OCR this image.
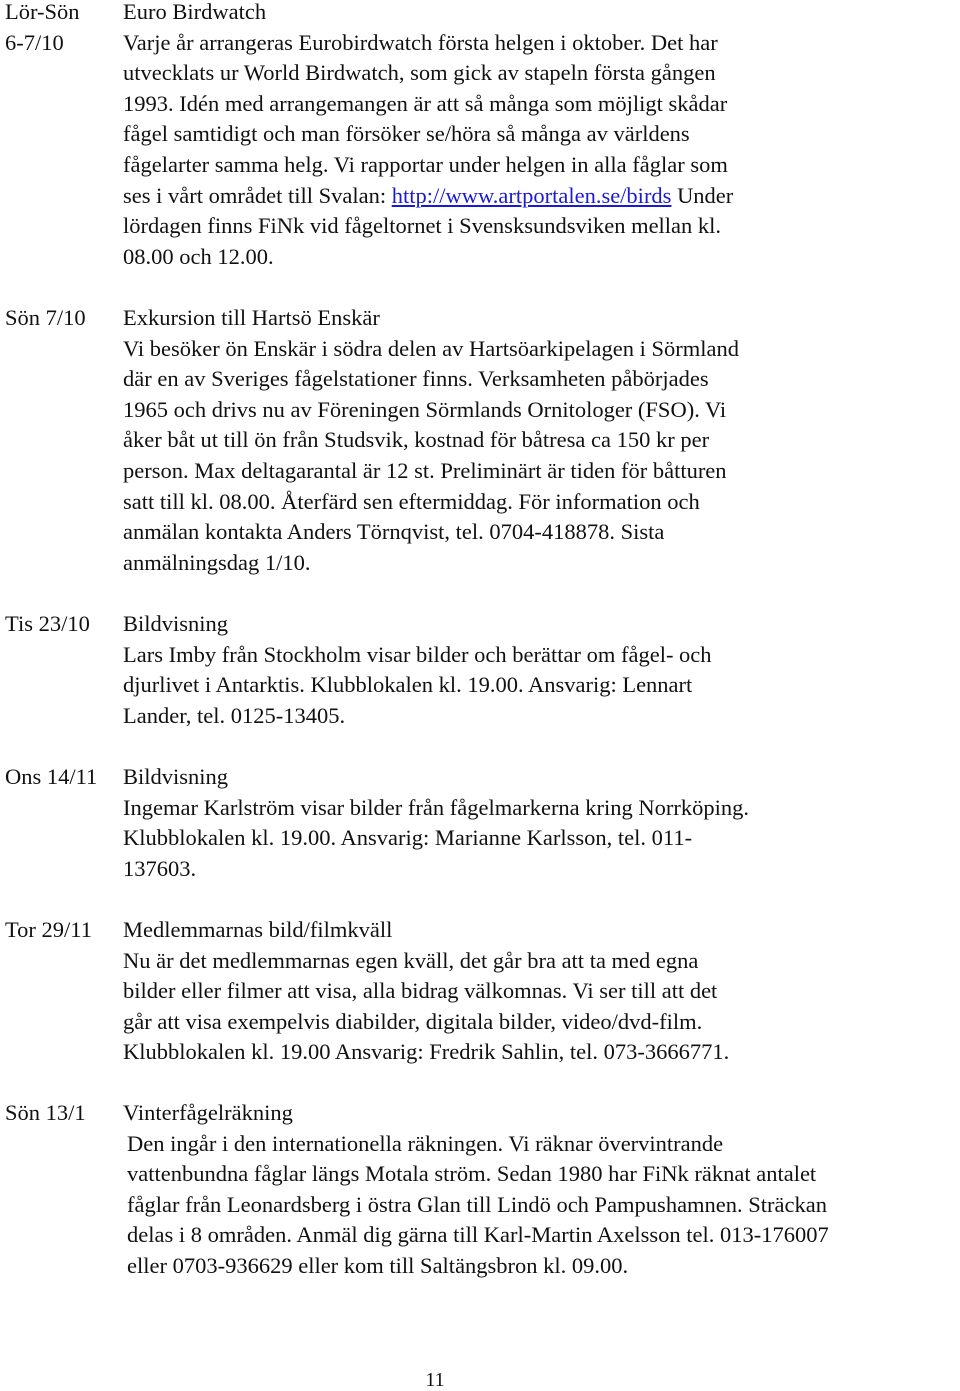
Lör-Sön
6-7/10
Euro Birdwatch
Varje år arrangeras Eurobirdwatch första helgen i oktober. Det har
utvecklats ur World Birdwatch, som gick av stapeln första gången
1993. Idén med arrangemangen är att så många som möjligt skådar
fågel samtidigt och man försöker se/höra så många av världens
fågelarter samma helg. Vi rapportar under helgen in alla fåglar som
ses i vårt området till Svalan: http://www.artportalen.se/birds Under
lördagen finns FiNk vid fågeltornet i Svensksundsviken mellan kl.
08.00 och 12.00.
Sön 7/10 Exkursion till Hartsö Enskär
Vi besöker ön Enskär i södra delen av Hartsöarkipelagen i Sörmland
där en av Sveriges fågelstationer finns. Verksamheten påbörjades
1965 och drivs nu av Föreningen Sörmlands Ornitologer (FSO). Vi
åker båt ut till ön från Studsvik, kostnad för båtresa ca 150 kr per
person. Max deltagarantal är 12 st. Preliminärt är tiden för båtturen
satt till kl. 08.00. Återfärd sen eftermiddag. För information och
anmälan kontakta Anders Törnqvist, tel. 0704-418878. Sista
anmälningsdag 1/10.
Tis 23/10 Bildvisning
Lars Imby från Stockholm visar bilder och berättar om fågel- och
djurlivet i Antarktis. Klubblokalen kl. 19.00. Ansvarig: Lennart
Lander, tel. 0125-13405.
Ons 14/11 Bildvisning
Ingemar Karlström visar bilder från fågelmarkerna kring Norrköping.
Klubblokalen kl. 19.00. Ansvarig: Marianne Karlsson, tel. 011-
137603.
Tor 29/11 Medlemmarnas bild/filmkväll
Nu är det medlemmarnas egen kväll, det går bra att ta med egna
bilder eller filmer att visa, alla bidrag välkomnas. Vi ser till att det
går att visa exempelvis diabilder, digitala bilder, video/dvd-film.
Klubblokalen kl. 19.00 Ansvarig: Fredrik Sahlin, tel. 073-3666771.
Sön 13/1 Vinterfågelräkning
Den ingår i den internationella räkningen. Vi räknar övervintrande
vattenbundna fåglar längs Motala ström. Sedan 1980 har FiNk räknat antalet
fåglar från Leonardsberg i östra Glan till Lindö och Pampushamnen. Sträckan
delas i 8 områden. Anmäl dig gärna till Karl-Martin Axelsson tel. 013-176007
eller 0703-936629 eller kom till Saltängsbron kl. 09.00.
11
